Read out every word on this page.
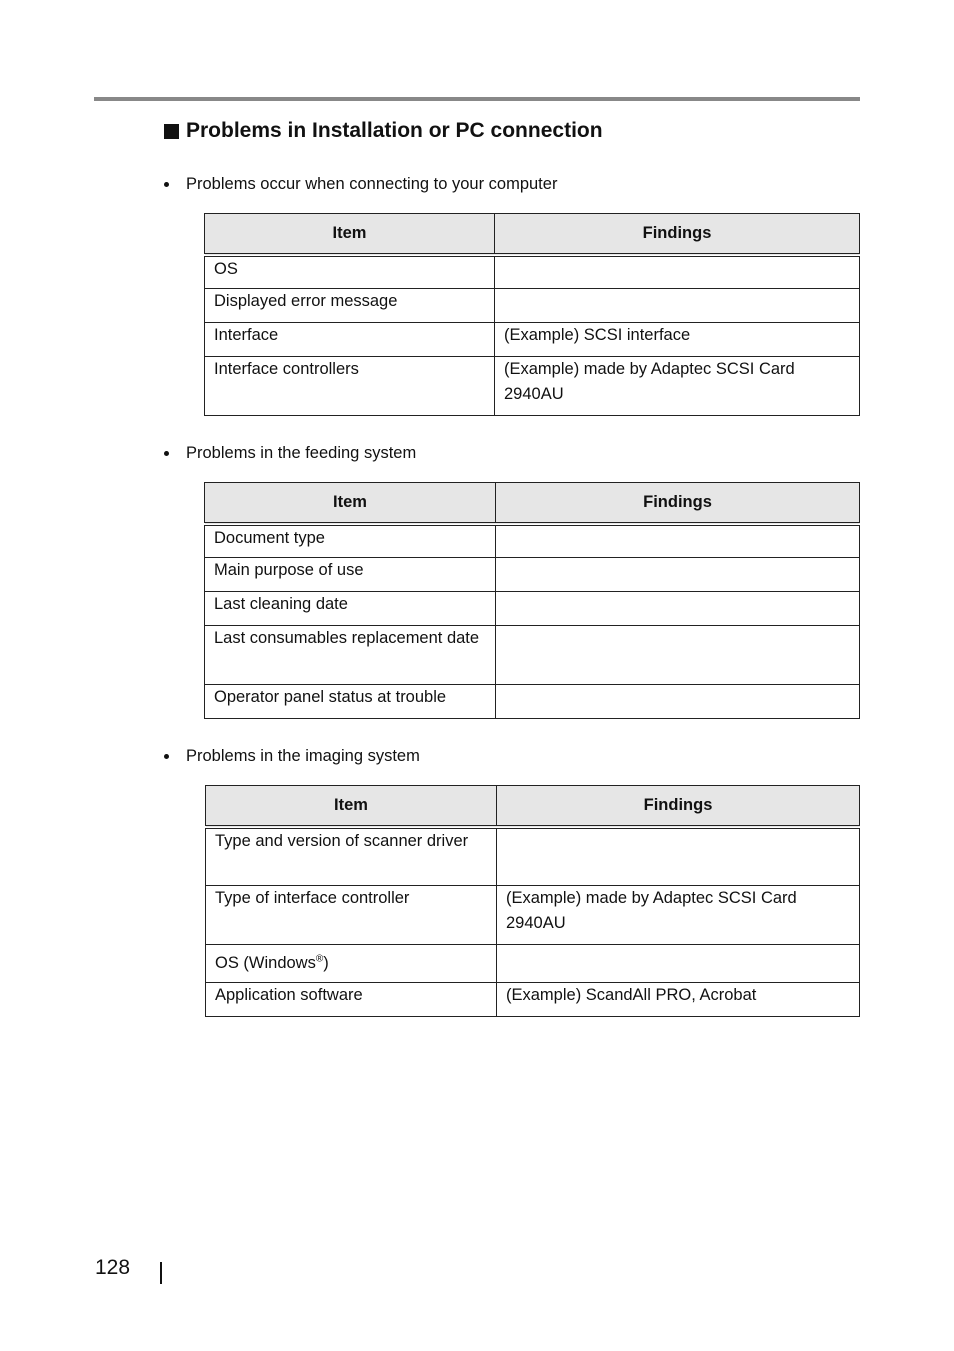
Problems in Installation or PC connection
Problems occur when connecting to your computer
Item	Findings
OS	
Displayed error message	
Interface	(Example) SCSI interface
Interface controllers	(Example) made by Adaptec SCSI Card 2940AU
Problems in the feeding system
Item	Findings
Document type	
Main purpose of use	
Last cleaning date	
Last consumables replacement date	
Operator panel status at trouble	
Problems in the imaging system
Item	Findings
Type and version of scanner driver	
Type of interface controller	(Example) made by Adaptec SCSI Card 2940AU
OS (Windows®)	
Application software	(Example) ScandAll PRO, Acrobat
128
